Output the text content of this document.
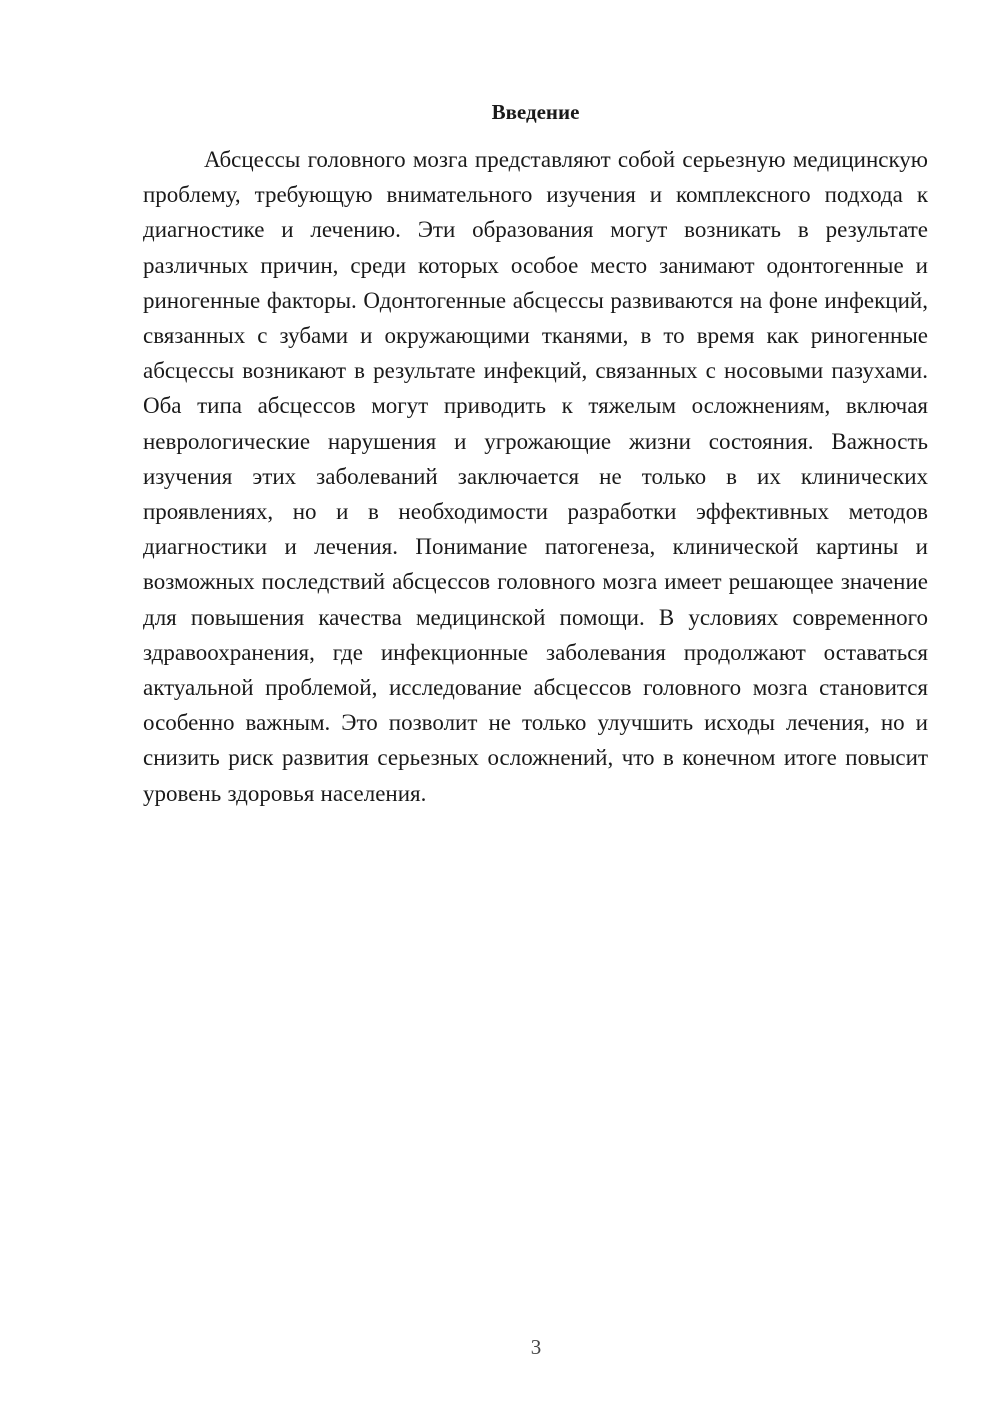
Введение

Абсцессы головного мозга представляют собой серьезную медицинскую проблему, требующую внимательного изучения и комплексного подхода к диагностике и лечению. Эти образования могут возникать в результате различных причин, среди которых особое место занимают одонтогенные и риногенные факторы. Одонтогенные абсцессы развиваются на фоне инфекций, связанных с зубами и окружающими тканями, в то время как риногенные абсцессы возникают в результате инфекций, связанных с носовыми пазухами. Оба типа абсцессов могут приводить к тяжелым осложнениям, включая неврологические нарушения и угрожающие жизни состояния. Важность изучения этих заболеваний заключается не только в их клинических проявлениях, но и в необходимости разработки эффективных методов диагностики и лечения. Понимание патогенеза, клинической картины и возможных последствий абсцессов головного мозга имеет решающее значение для повышения качества медицинской помощи. В условиях современного здравоохранения, где инфекционные заболевания продолжают оставаться актуальной проблемой, исследование абсцессов головного мозга становится особенно важным. Это позволит не только улучшить исходы лечения, но и снизить риск развития серьезных осложнений, что в конечном итоге повысит уровень здоровья населения.

3
